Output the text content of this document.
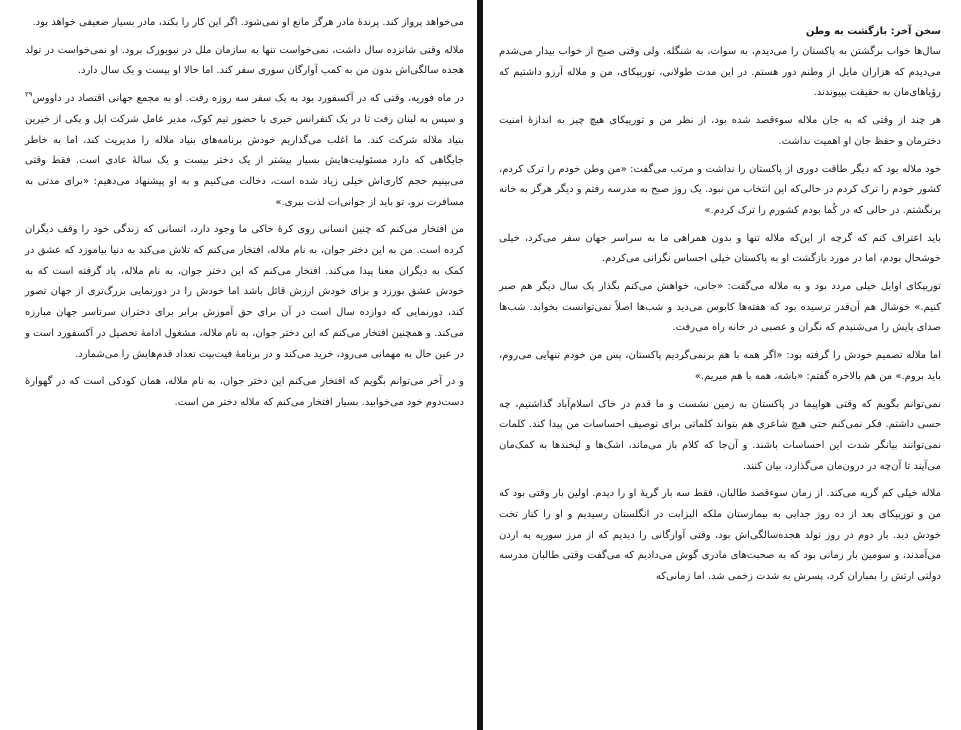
می‌خواهد پرواز کند. پرنده‌ٔ مادر هرگز مانع او نمی‌شود. اگر این کار را بکند، مادر بسیار ضعیفی خواهد بود.

ملاله وقتی شانزده سال داشت، نمی‌خواست تنها به سازمان ملل در نیویورک برود. او نمی‌خواست در تولد هجده سالگی‌اش بدون من به کمپ آوارگان سوری سفر کند. اما حالا او بیست و یک سال دارد.

در ماه فوریه، وقتی که در آکسفورد بود به یک سفر سه روزه رفت. او به مجمع جهانی اقتصاد در داووس$^{۲۹}$ و سپس به لبنان رفت تا در یک کنفرانس خبری با حضور تیم کوک، مدیر عامل شرکت اپل و یکی از خیرین بنیاد ملاله شرکت کند. ما اغلب می‌گذاریم خودش برنامه‌های بنیاد ملاله را مدیریت کند، اما به خاطر جایگاهی که دارد مسئولیت‌هایش بسیار بیشتر از یک دختر بیست و یک ساله‌ٔ عادی است. فقط وقتی می‌بینیم حجم کاری‌اش خیلی زیاد شده است، دخالت می‌کنیم و به او پیشنهاد می‌دهیم: «برای مدتی به مسافرت نرو، تو باید از جوانی‌ات لذت ببری.»

من افتخار می‌کنم که چنین انسانی روی کرهٔ خاکی ما وجود دارد، انسانی که زندگی خود را وقف دیگران کرده است. من به این دختر جوان، به نام ملاله، افتخار می‌کنم که تلاش می‌کند به دنیا بیاموزد که عشق در کمک به دیگران معنا پیدا می‌کند. افتخار می‌کنم که این دختر جوان، به نام ملاله، یاد گرفته است که به خودش عشق بورزد و برای خودش ارزش قائل باشد اما خودش را در دورنمایی بزرگ‌تری از جهان تصور کند، دورنمایی که دوازده سال است در آن برای حق آموزش برابر برای دختران سرتاسر جهان مبارزه می‌کند. و همچنین افتخار می‌کنم که این دختر جوان، به نام ملاله، مشغول ادامهٔ تحصیل در آکسفورد است و در عین حال به مهمانی می‌رود، خرید می‌کند و در برنامهٔ فیت‌بیت تعداد قدم‌هایش را می‌شمارد.

و در آخر می‌توانم بگویم که افتخار می‌کنم این دختر جوان، به نام ملاله، همان کودکی است که در گهوارهٔ دست‌دوم خود می‌خوابید. بسیار افتخار می‌کنم که ملاله دختر من است.

سخن آخر: بازگشت به وطن

سال‌ها خواب برگشتن به پاکستان را می‌دیدم، به سوات، به شنگله. ولی وقتی صبح از خواب بیدار می‌شدم می‌دیدم که هزاران مایل از وطنم دور هستم. در این مدت طولانی، توریپکای، من و ملاله آرزو داشتیم که رؤیاهای‌مان به حقیقت بپیوندند.

هر چند از وقتی که به جان ملاله سوءقصد شده بود، از نظر من و توریپکای هیچ چیز به اندازه‌ٔ امنیت دخترمان و حفظ جان او اهمیت نداشت.

خود ملاله بود که دیگر طاقت دوری از پاکستان را نداشت و مرتب می‌گفت: «من وطن خودم را ترک کردم، کشور خودم را ترک کردم در حالی‌که این انتخاب من نبود. یک روز صبح به مدرسه رفتم و دیگر هرگز به خانه برنگشتم. در حالی که در کُما بودم کشورم را ترک کردم.»

باید اعتراف کنم که گرچه از این‌که ملاله تنها و بدون همراهی ما به سراسر جهان سفر می‌کرد، خیلی خوشحال بودم، اما در مورد بازگشت او به پاکستان خیلی احساس نگرانی می‌کردم.

توریپکای اوایل خیلی مردد بود و به ملاله می‌گفت: «جانی، خواهش می‌کنم بگذار یک سال دیگر هم صبر کنیم.» خوشال هم آن‌قدر ترسیده بود که هفته‌ها کابوس می‌دید و شب‌ها اصلاً نمی‌توانست بخوابد. شب‌ها صدای پایش را می‌شنیدم که نگران و عصبی در خانه راه می‌رفت.

اما ملاله تصمیم خودش را گرفته بود: «اگر همه با هم برنمی‌گردیم پاکستان، پس من خودم تنهایی می‌روم، باید بروم.» من هم بالاخره گفتم: «باشه، همه با هم میریم.»

نمی‌توانم بگویم که وقتی هواپیما در پاکستان به زمین نشست و ما قدم در خاک اسلام‌آباد گذاشتیم، چه حسی داشتم. فکر نمی‌کنم حتی هیچ شاعری هم بتواند کلماتی برای توصیف احساسات من پیدا کند. کلمات نمی‌توانند بیانگر شدت این احساسات باشند. و آن‌جا که کلام باز می‌ماند، اشک‌ها و لبخندها به کمک‌مان می‌آیند تا آن‌چه در درون‌مان می‌گذارد، بیان کنند.

ملاله خیلی کم گریه می‌کند. از زمان سوءقصد طالبان، فقط سه بار گریه‌ٔ او را دیدم. اولین بار وقتی بود که من و توریپکای بعد از ده روز جدایی به بیمارستان ملکه الیزابت در انگلستان رسیدیم و او را کنار تخت خودش دید. بار دوم در روز تولد هجده‌سالگی‌اش بود، وقتی آوارگانی را دیدیم که از مرز سوریه به اردن می‌آمدند، و سومین بار زمانی بود که به صحبت‌های مادری گوش می‌دادیم که می‌گفت وقتی طالبان مدرسه دولتی ارتش را بمباران کرد، پسرش به شدت زخمی شد. اما زمانی‌که
